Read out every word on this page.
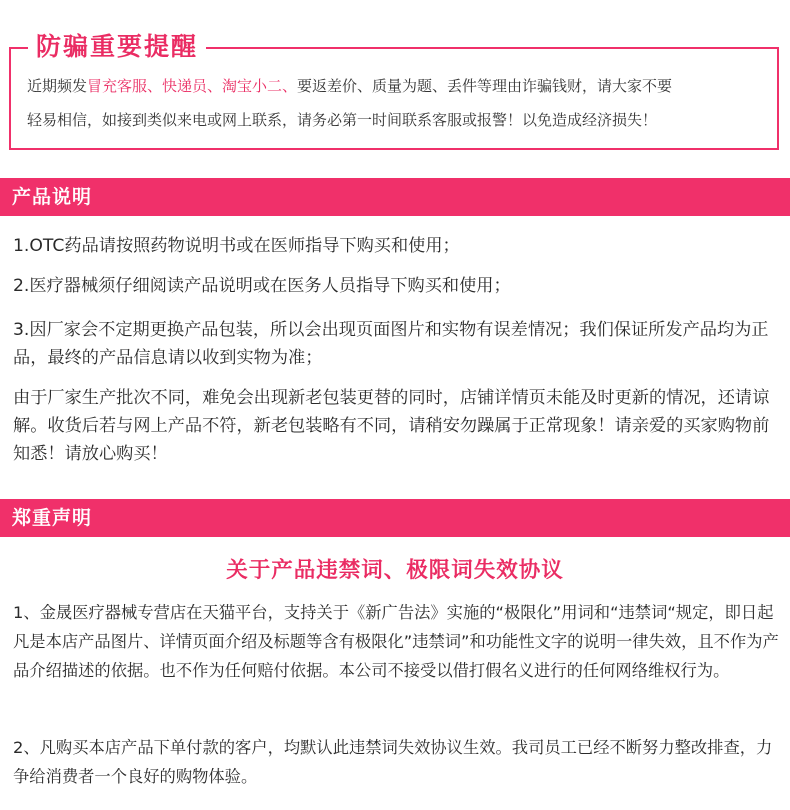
防骗重要提醒
近期频发冒充客服、快递员、淘宝小二、要返差价、质量为题、丢件等理由诈骗钱财，请大家不要
轻易相信，如接到类似来电或网上联系，请务必第一时间联系客服或报警！以免造成经济损失！
产品说明
1.OTC药品请按照药物说明书或在医师指导下购买和使用；
2.医疗器械须仔细阅读产品说明或在医务人员指导下购买和使用；
3.因厂家会不定期更换产品包装，所以会出现页面图片和实物有误差情况；我们保证所发产品均为正品，最终的产品信息请以收到实物为准；
由于厂家生产批次不同，难免会出现新老包装更替的同时，店铺详情页未能及时更新的情况，还请谅解。收货后若与网上产品不符，新老包装略有不同，请稍安勿躁属于正常现象！请亲爱的买家购物前知悉！请放心购买！
郑重声明
关于产品违禁词、极限词失效协议
1、金晟医疗器械专营店在天猫平台，支持关于《新广告法》实施的“极限化”用词和“违禁词“规定，即日起凡是本店产品图片、详情页面介绍及标题等含有极限化”违禁词”和功能性文字的说明一律失效，且不作为产品介绍描述的依据。也不作为任何赔付依据。本公司不接受以借打假名义进行的任何网络维权行为。
2、凡购买本店产品下单付款的客户，均默认此违禁词失效协议生效。我司员工已经不断努力整改排查，力争给消费者一个良好的购物体验。
